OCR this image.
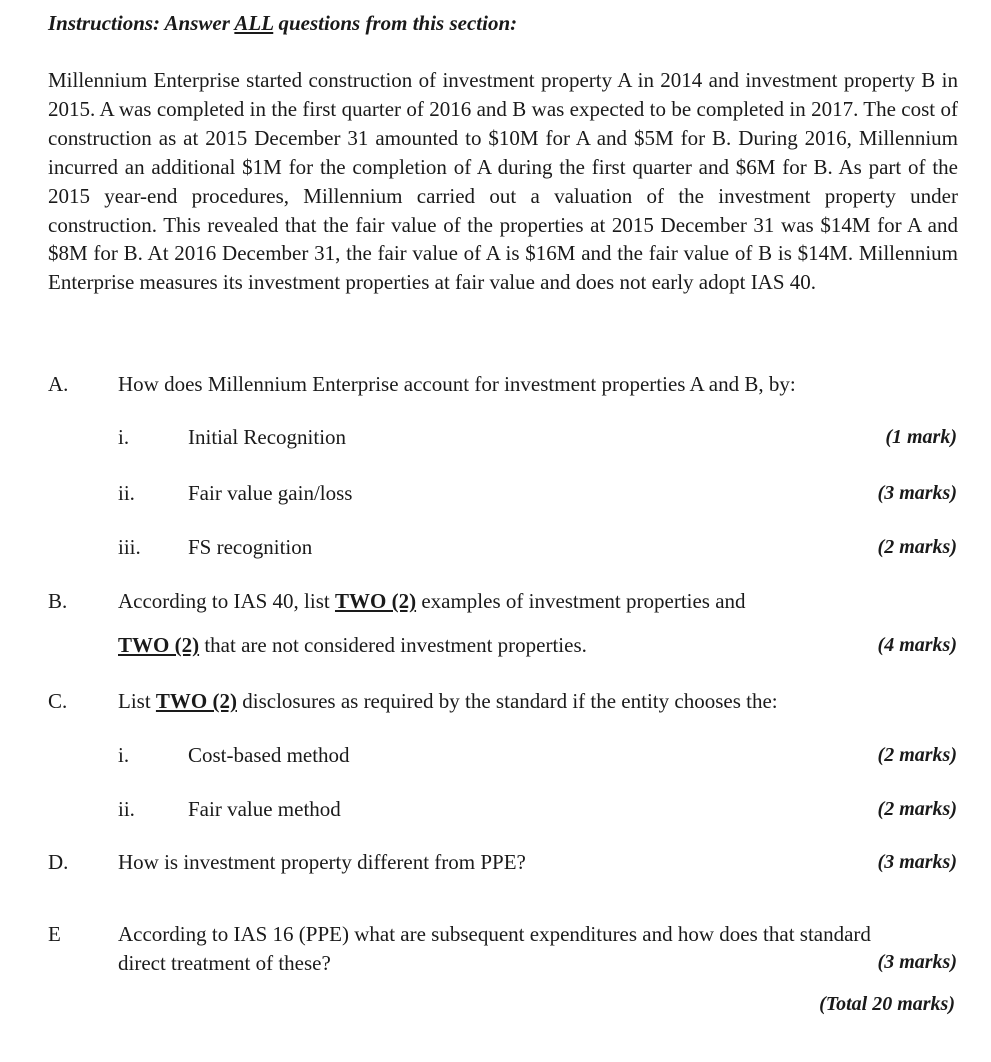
Instructions: Answer ALL questions from this section:
Millennium Enterprise started construction of investment property A in 2014 and investment property B in 2015. A was completed in the first quarter of 2016 and B was expected to be completed in 2017. The cost of construction as at 2015 December 31 amounted to $10M for A and $5M for B. During 2016, Millennium incurred an additional $1M for the completion of A during the first quarter and $6M for B. As part of the 2015 year-end procedures, Millennium carried out a valuation of the investment property under construction. This revealed that the fair value of the properties at 2015 December 31 was $14M for A and $8M for B. At 2016 December 31, the fair value of A is $16M and the fair value of B is $14M. Millennium Enterprise measures its investment properties at fair value and does not early adopt IAS 40.
A. How does Millennium Enterprise account for investment properties A and B, by:
i.	Initial Recognition	(1 mark)
ii.	Fair value gain/loss	(3 marks)
iii. FS recognition	(2 marks)
B. According to IAS 40, list TWO (2) examples of investment properties and
TWO (2) that are not considered investment properties.	(4 marks)
C. List TWO (2) disclosures as required by the standard if the entity chooses the:
i.	Cost-based method	(2 marks)
ii.	Fair value method	(2 marks)
D. How is investment property different from PPE?	(3 marks)
E	According to IAS 16 (PPE) what are subsequent expenditures and how does that standard
direct treatment of these?	(3 marks)
(Total 20 marks)
